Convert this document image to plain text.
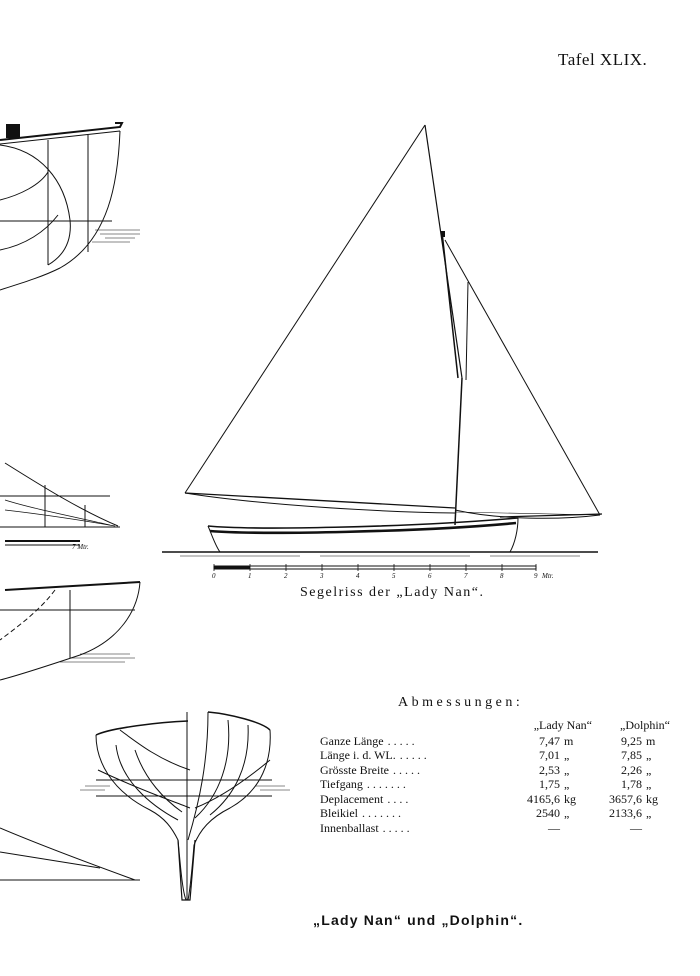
Tafel XLIX.
7 Mtr.
0	1	2	3	4	5	6	7	8	9 Mtr.
Segelriss der „Lady Nan“.
Abmessungen:
	„Lady Nan“		„Dolphin“	
Ganze Länge . . . . .	7,47	m	9,25	m
Länge i. d. WL. . . . . .	7,01	„	7,85	„
Grösste Breite . . . . .	2,53	„	2,26	„
Tiefgang . . . . . . .	1,75	„	1,78	„
Deplacement . . . .	4165,6	kg	3657,6	kg
Bleikiel . . . . . . .	2540	„	2133,6	„
Innenballast . . . . .	—		—	
„Lady Nan“ und „Dolphin“.
